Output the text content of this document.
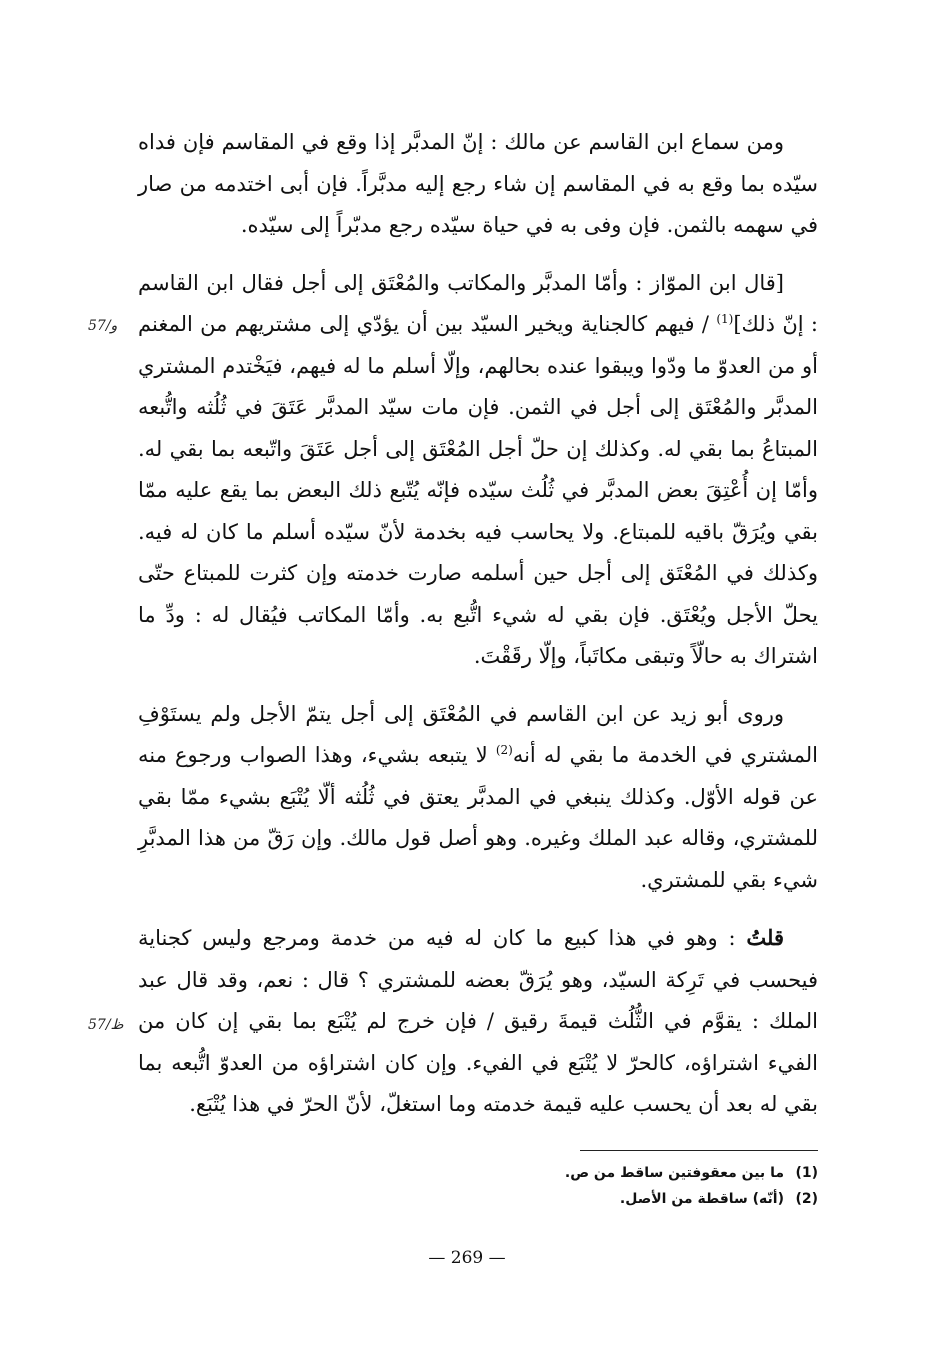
ومن سماع ابن القاسم عن مالك : إنّ المدبَّر إذا وقع في المقاسم فإن فداه سيّده بما وقع به في المقاسم إن شاء رجع إليه مدبَّراً. فإن أبى اختدمه من صار في سهمه بالثمن. فإن وفى به في حياة سيّده رجع مدبّراً إلى سيّده.

[قال ابن الموّاز : وأمّا المدبَّر والمكاتب والمُعْتَق إلى أجل فقال ابن القاسم : إنّ ذلك]$^{(1)}$ / فيهم كالجناية ويخير السيّد بين أن يؤدّي إلى مشتريهم من المغنم أو من العدوّ ما ودّوا ويبقوا عنده بحالهم، وإلّا أسلم ما له فيهم، فيَخْتدم المشتري المدبَّر والمُعْتَق إلى أجل في الثمن. فإن مات سيّد المدبَّر عَتَقَ في ثُلُثه واتُّبعه المبتاعُ بما بقي له. وكذلك إن حلّ أجل المُعْتَق إلى أجل عَتَقَ واتّبعه بما بقي له. وأمّا إن أُعْتِقَ بعض المدبَّر في ثُلُث سيّده فإنّه يُتّبع ذلك البعض بما يقع عليه ممّا بقي ويُرَقّ باقيه للمبتاع. ولا يحاسب فيه بخدمة لأنّ سيّده أسلم ما كان له فيه. وكذلك في المُعْتَق إلى أجل حين أسلمه صارت خدمته وإن كثرت للمبتاع حتّى يحلّ الأجل ويُعْتَق. فإن بقي له شيء اتُّبع به. وأمّا المكاتب فيُقال له : ودِّ ما اشتراك به حالّاً وتبقى مكاتَباً، وإلّا رقَقْتَ.

وروى أبو زيد عن ابن القاسم في المُعْتَق إلى أجل يتمّ الأجل ولم يستَوْفِ المشتري في الخدمة ما بقي له أنه$^{(2)}$ لا يتبعه بشيء، وهذا الصواب ورجوع منه عن قوله الأوّل. وكذلك ينبغي في المدبَّر يعتق في ثُلُثه ألّا يُتْبَع بشيء ممّا بقي للمشتري، وقاله عبد الملك وغيره. وهو أصل قول مالك. وإن رَقّ من هذا المدبَّرِ شيء بقي للمشتري.

قلتُ : وهو في هذا كبيع ما كان له فيه من خدمة ومرجع وليس كجناية فيحسب في تَرِكة السيّد، وهو يُرَقّ بعضه للمشتري ؟ قال : نعم، وقد قال عبد الملك : يقوَّم في الثُّلُث قيمةَ رقيق / فإن خرج لم يُتْبَع بما بقي إن كان من الفيء اشتراؤه، كالحرّ لا يُتْبَع في الفيء. وإن كان اشتراؤه من العدوّ اتُّبعه بما بقي له بعد أن يحسب عليه قيمة خدمته وما استغلّ، لأنّ الحرّ في هذا يُتْبَع.

57/و
57/ظ
(1)ما بين معقوفتين ساقط من ص.
(2)(أنّه) ساقطة من الأصل.
— 269 —
